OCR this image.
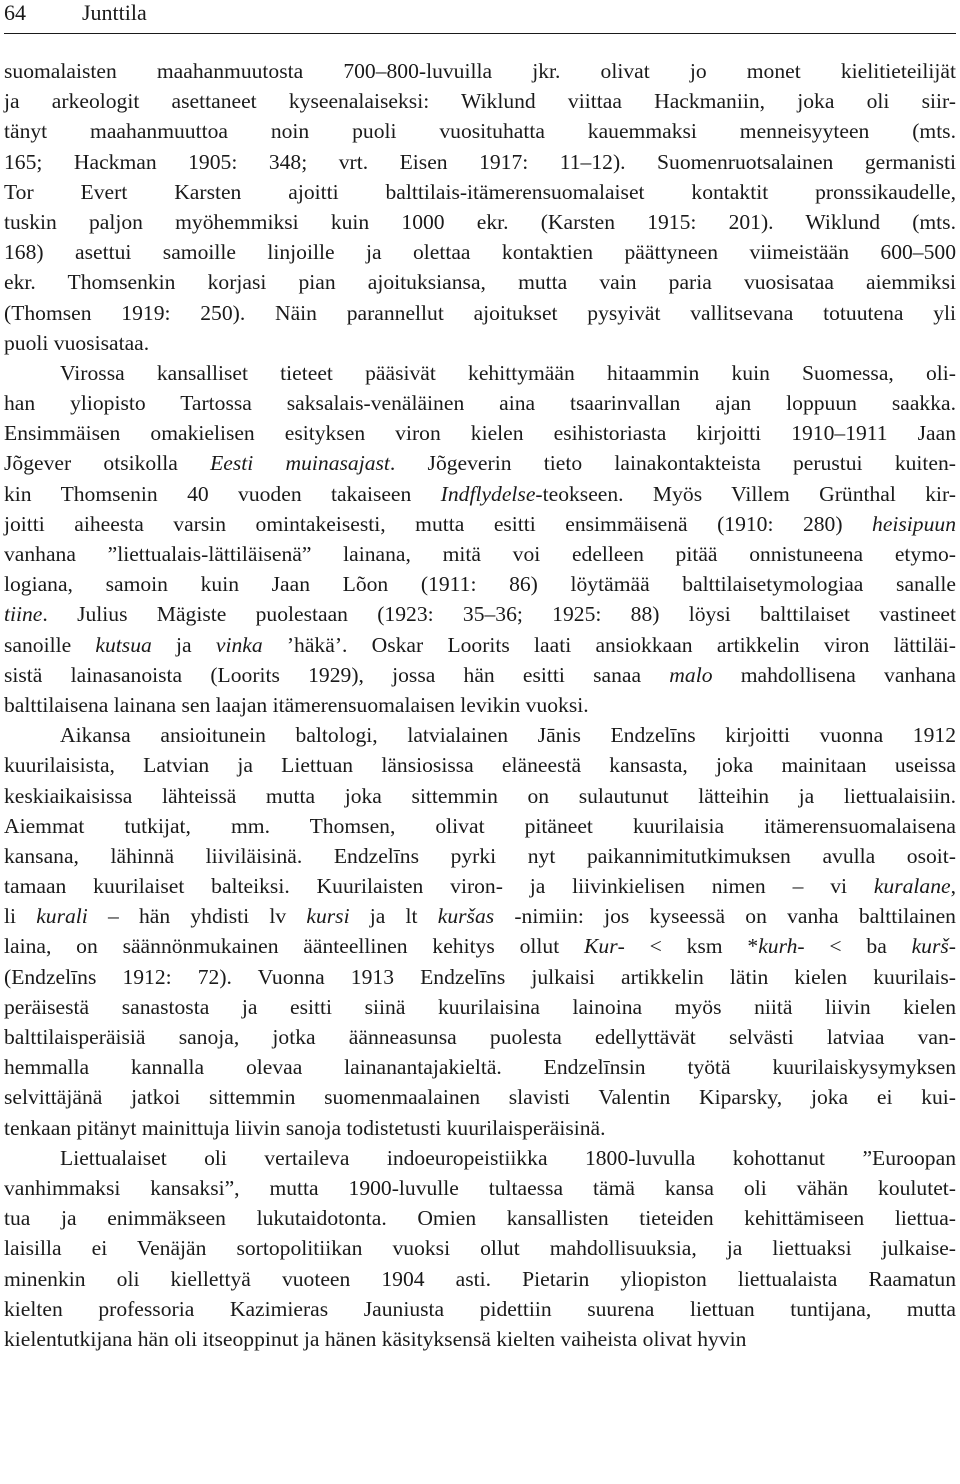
64	Junttila
suomalaisten maahanmuutosta 700–800-luvuilla jkr. olivat jo monet kielitieteilijät
ja arkeologit asettaneet kyseenalaiseksi: Wiklund viittaa Hackmaniin, joka oli siir-
tänyt maahanmuuttoa noin puoli vuosituhatta kauemmaksi menneisyyteen (mts.
165; Hackman 1905: 348; vrt. Eisen 1917: 11–12). Suomenruotsalainen germanisti
Tor Evert Karsten ajoitti balttilais-itämerensuomalaiset kontaktit pronssikaudelle,
tuskin paljon myöhemmiksi kuin 1000 ekr. (Karsten 1915: 201). Wiklund (mts.
168) asettui samoille linjoille ja olettaa kontaktien päättyneen viimeistään 600–500
ekr. Thomsenkin korjasi pian ajoituksiansa, mutta vain paria vuosisataa aiemmiksi
(Thomsen 1919: 250). Näin parannellut ajoitukset pysyivät vallitsevana totuutena yli
puoli vuosisataa.
Virossa kansalliset tieteet pääsivät kehittymään hitaammin kuin Suomessa, oli-
han yliopisto Tartossa saksalais-venäläinen aina tsaarinvallan ajan loppuun saakka.
Ensimmäisen omakielisen esityksen viron kielen esihistoriasta kirjoitti 1910–1911 Jaan
Jõgever otsikolla Eesti muinasajast. Jõgeverin tieto lainakontakteista perustui kuiten-
kin Thomsenin 40 vuoden takaiseen Indflydelse-teokseen. Myös Villem Grünthal kir-
joitti aiheesta varsin omintakeisesti, mutta esitti ensimmäisenä (1910: 280) heisipuun
vanhana ”liettualais-lättiläisenä” lainana, mitä voi edelleen pitää onnistuneena etymo-
logiana, samoin kuin Jaan Lõon (1911: 86) löytämää balttilaisetymologiaa sanalle
tiine. Julius Mägiste puolestaan (1923: 35–36; 1925: 88) löysi balttilaiset vastineet
sanoille kutsua ja vinka ’häkä’. Oskar Loorits laati ansiokkaan artikkelin viron lättiläi-
sistä lainasanoista (Loorits 1929), jossa hän esitti sanaa malo mahdollisena vanhana
balttilaisena lainana sen laajan itämerensuomalaisen levikin vuoksi.
Aikansa ansioitunein baltologi, latvialainen Jānis Endzelīns kirjoitti vuonna 1912
kuurilaisista, Latvian ja Liettuan länsiosissa eläneestä kansasta, joka mainitaan useissa
keskiaikaisissa lähteissä mutta joka sittemmin on sulautunut lätteihin ja liettualaisiin.
Aiemmat tutkijat, mm. Thomsen, olivat pitäneet kuurilaisia itämerensuomalaisena
kansana, lähinnä liiviläisinä. Endzelīns pyrki nyt paikannimitutkimuksen avulla osoit-
tamaan kuurilaiset balteiksi. Kuurilaisten viron- ja liivinkielisen nimen – vi kuralane,
li kurali – hän yhdisti lv kursi ja lt kuršas -nimiin: jos kyseessä on vanha balttilainen
laina, on säännönmukainen äänteellinen kehitys ollut Kur- < ksm *kurh- < ba kurš-
(Endzelīns 1912: 72). Vuonna 1913 Endzelīns julkaisi artikkelin lätin kielen kuurilais-
peräisestä sanastosta ja esitti siinä kuurilaisina lainoina myös niitä liivin kielen
balttilaisperäisiä sanoja, jotka äänneasunsa puolesta edellyttävät selvästi latviaa van-
hemmalla kannalla olevaa lainanantajakieltä. Endzelīnsin työtä kuurilaiskysymyksen
selvittäjänä jatkoi sittemmin suomenmaalainen slavisti Valentin Kiparsky, joka ei kui-
tenkaan pitänyt mainittuja liivin sanoja todistetusti kuurilaisperäisinä.
Liettualaiset oli vertaileva indoeuropeistiikka 1800-luvulla kohottanut ”Euroopan
vanhimmaksi kansaksi”, mutta 1900-luvulle tultaessa tämä kansa oli vähän koulutet-
tua ja enimmäkseen lukutaidotonta. Omien kansallisten tieteiden kehittämiseen liettua-
laisilla ei Venäjän sortopolitiikan vuoksi ollut mahdollisuuksia, ja liettuaksi julkaise-
minenkin oli kiellettyä vuoteen 1904 asti. Pietarin yliopiston liettualaista Raamatun
kielten professoria Kazimieras Jauniusta pidettiin suurena liettuan tuntijana, mutta
kielentutkijana hän oli itseoppinut ja hänen käsityksensä kielten vaiheista olivat hyvin
